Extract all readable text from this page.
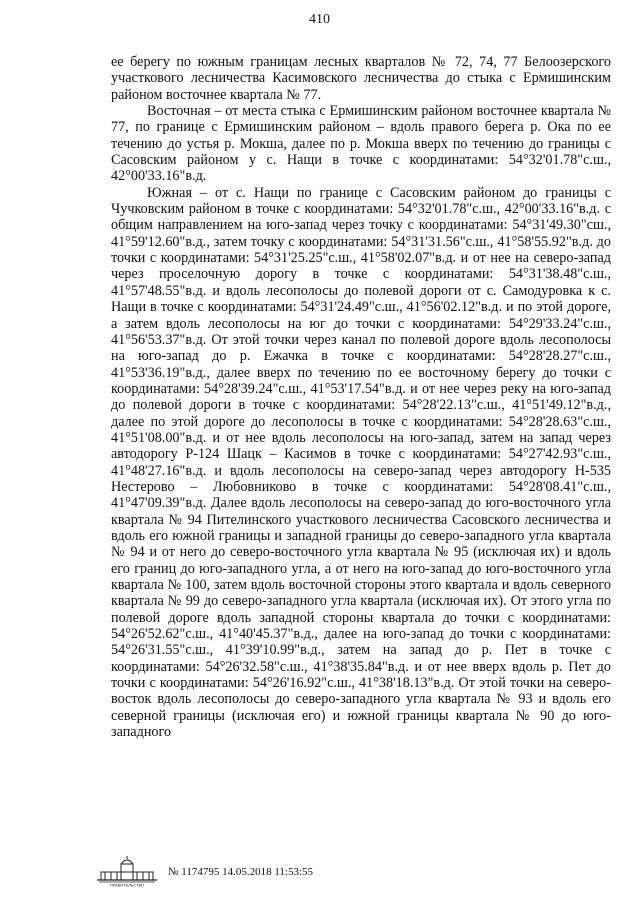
410

ее берегу по южным границам лесных кварталов № 72, 74, 77 Белоозерского участкового лесничества Касимовского лесничества до стыка с Ермишинским районом восточнее квартала № 77.

Восточная – от места стыка с Ермишинским районом восточнее квартала № 77, по границе с Ермишинским районом – вдоль правого берега р. Ока по ее течению до устья р. Мокша, далее по р. Мокша вверх по течению до границы с Сасовским районом у с. Нащи в точке с координатами: 54°32'01.78"с.ш., 42°00'33.16"в.д.

Южная – от с. Нащи по границе с Сасовским районом до границы с Чучковским районом в точке с координатами: 54°32'01.78"с.ш., 42°00'33.16"в.д. с общим направлением на юго-запад через точку с координатами: 54°31'49.30"сш., 41°59'12.60"в.д., затем точку с координатами: 54°31'31.56"с.ш., 41°58'55.92"в.д. до точки с координатами: 54°31'25.25"с.ш., 41°58'02.07"в.д. и от нее на северо-запад через проселочную дорогу в точке с координатами: 54°31'38.48"с.ш., 41°57'48.55"в.д. и вдоль лесополосы до полевой дороги от с. Самодуровка к с. Нащи в точке с координатами: 54°31'24.49"с.ш., 41°56'02.12"в.д. и по этой дороге, а затем вдоль лесополосы на юг до точки с координатами: 54°29'33.24"с.ш., 41°56'53.37"в.д. От этой точки через канал по полевой дороге вдоль лесополосы на юго-запад до р. Ежачка в точке с координатами: 54°28'28.27"с.ш., 41°53'36.19"в.д., далее вверх по течению по ее восточному берегу до точки с координатами: 54°28'39.24"с.ш., 41°53'17.54"в.д. и от нее через реку на юго-запад до полевой дороги в точке с координатами: 54°28'22.13"с.ш., 41°51'49.12"в.д., далее по этой дороге до лесополосы в точке с координатами: 54°28'28.63"с.ш., 41°51'08.00"в.д. и от нее вдоль лесополосы на юго-запад, затем на запад через автодорогу Р-124 Шацк – Касимов в точке с координатами: 54°27'42.93"с.ш., 41°48'27.16"в.д. и вдоль лесополосы на северо-запад через автодорогу Н-535 Нестерово – Любовниково в точке с координатами: 54°28'08.41"с.ш., 41°47'09.39"в.д. Далее вдоль лесополосы на северо-запад до юго-восточного угла квартала № 94 Пителинского участкового лесничества Сасовского лесничества и вдоль его южной границы и западной границы до северо-западного угла квартала № 94 и от него до северо-восточного угла квартала № 95 (исключая их) и вдоль его границ до юго-западного угла, а от него на юго-запад до юго-восточного угла квартала № 100, затем вдоль восточной стороны этого квартала и вдоль северного квартала № 99 до северо-западного угла квартала (исключая их). От этого угла по полевой дороге вдоль западной стороны квартала до точки с координатами: 54°26'52.62"с.ш., 41°40'45.37"в.д., далее на юго-запад до точки с координатами: 54°26'31.55"с.ш., 41°39'10.99"в.д., затем на запад до р. Пет в точке с координатами: 54°26'32.58"с.ш., 41°38'35.84"в.д. и от нее вверх вдоль р. Пет до точки с координатами: 54°26'16.92"с.ш., 41°38'18.13"в.д. От этой точки на северо-восток вдоль лесополосы до северо-западного угла квартала № 93 и вдоль его северной границы (исключая его) и южной границы квартала № 90 до юго-западного

ПРАВИТЕЛЬСТВО
№ 1174795 14.05.2018 11:53:55
